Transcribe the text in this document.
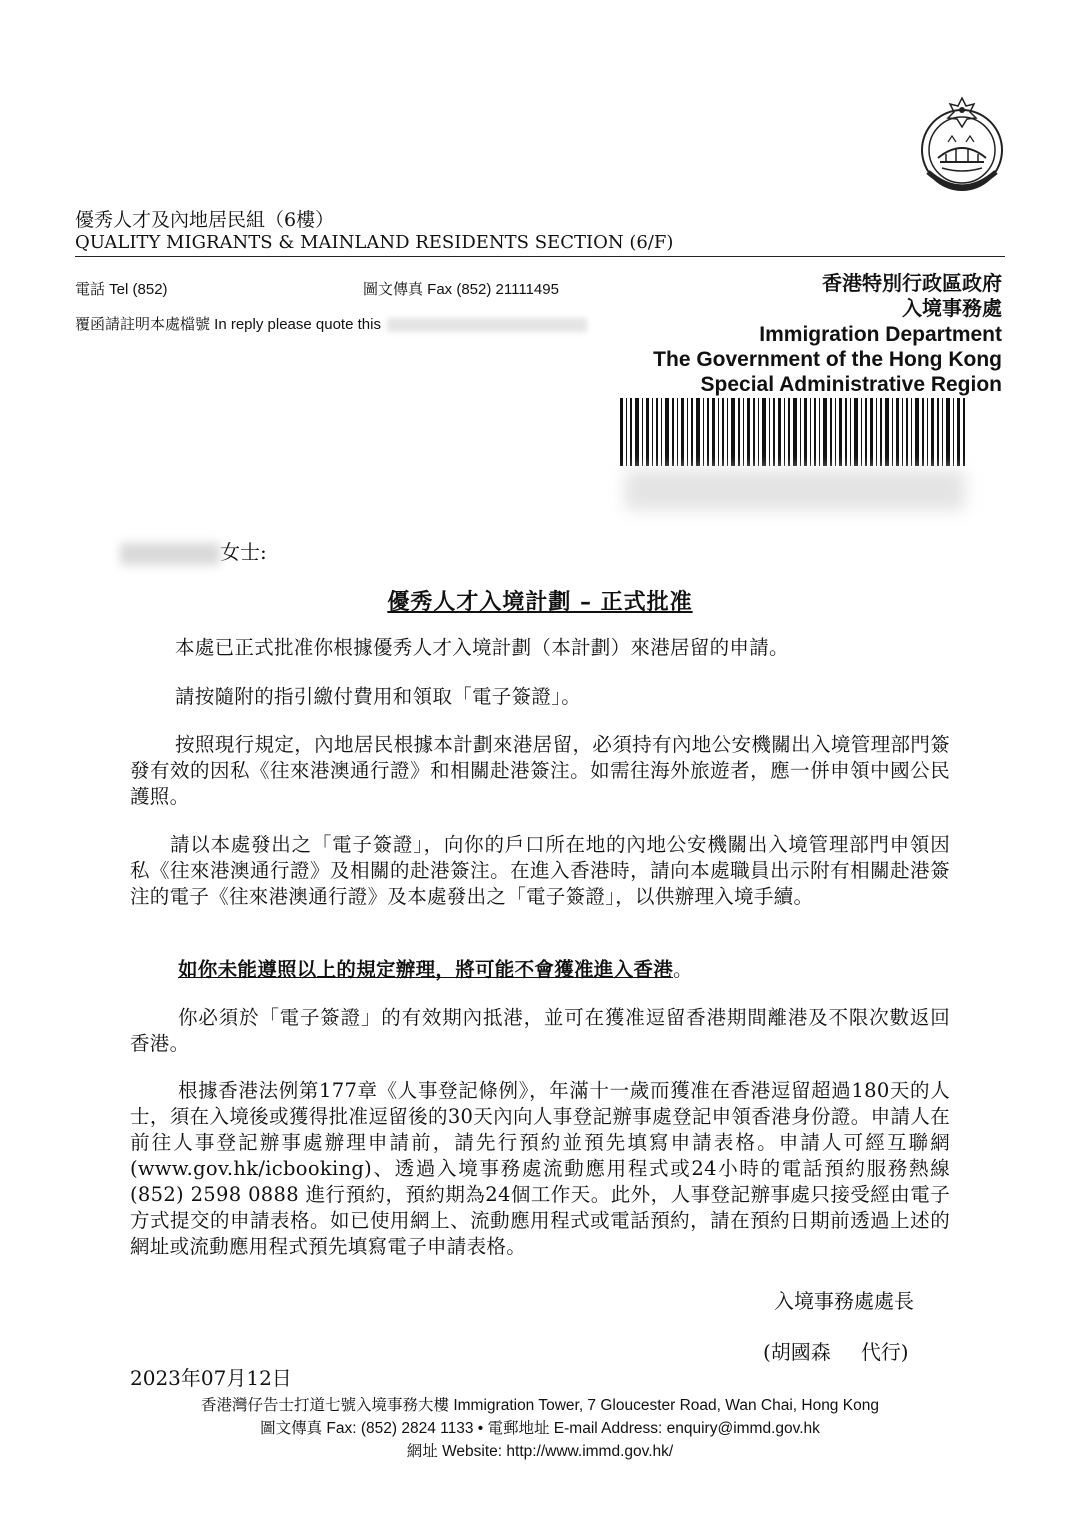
優秀人才及內地居民組（6樓）
QUALITY MIGRANTS & MAINLAND RESIDENTS SECTION (6/F)
電話 Tel (852)	圖文傳真 Fax (852) 21111495
覆函請註明本處檔號 In reply please quote this
香港特別行政區政府
入境事務處
Immigration Department
The Government of the Hong Kong
Special Administrative Region
女士:
優秀人才入境計劃 – 正式批准

本處已正式批准你根據優秀人才入境計劃（本計劃）來港居留的申請。

請按隨附的指引繳付費用和領取「電子簽證」。

按照現行規定，內地居民根據本計劃來港居留，必須持有內地公安機關出入境管理部門簽發有效的因私《往來港澳通行證》和相關赴港簽注。如需往海外旅遊者，應一併申領中國公民護照。

請以本處發出之「電子簽證」，向你的戶口所在地的內地公安機關出入境管理部門申領因私《往來港澳通行證》及相關的赴港簽注。在進入香港時，請向本處職員出示附有相關赴港簽注的電子《往來港澳通行證》及本處發出之「電子簽證」，以供辦理入境手續。

如你未能遵照以上的規定辦理，將可能不會獲准進入香港。

你必須於「電子簽證」的有效期內抵港，並可在獲准逗留香港期間離港及不限次數返回香港。

根據香港法例第177章《人事登記條例》，年滿十一歲而獲准在香港逗留超過180天的人士，須在入境後或獲得批准逗留後的30天內向人事登記辦事處登記申領香港身份證。申請人在前往人事登記辦事處辦理申請前，請先行預約並預先填寫申請表格。申請人可經互聯網 (www.gov.hk/icbooking)、透過入境事務處流動應用程式或24小時的電話預約服務熱線 (852) 2598 0888 進行預約，預約期為24個工作天。此外，人事登記辦事處只接受經由電子方式提交的申請表格。如已使用網上、流動應用程式或電話預約，請在預約日期前透過上述的網址或流動應用程式預先填寫電子申請表格。

入境事務處處長
(胡國森 代行)
2023年07月12日
香港灣仔告士打道七號入境事務大樓 Immigration Tower, 7 Gloucester Road, Wan Chai, Hong Kong
圖文傳真 Fax: (852) 2824 1133 • 電郵地址 E-mail Address: enquiry@immd.gov.hk
網址 Website: http://www.immd.gov.hk/
